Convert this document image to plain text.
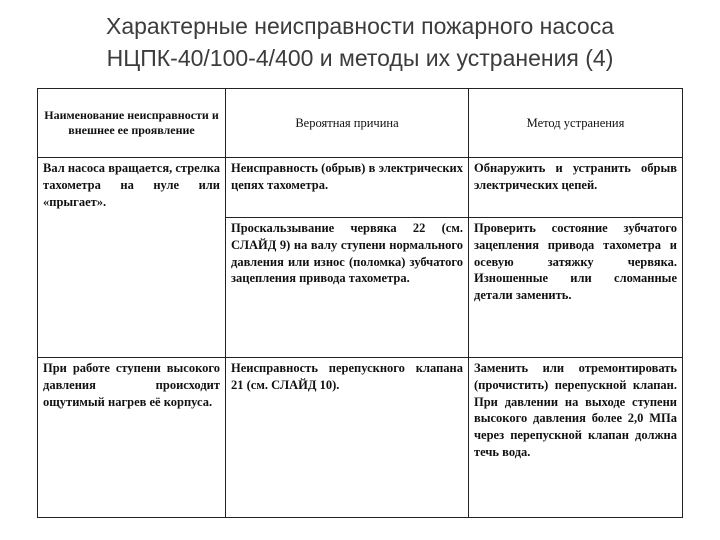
Характерные неисправности пожарного насоса
НЦПК-40/100-4/400 и методы их устранения (4)
Наименование неисправности и внешнее ее проявление	Вероятная причина	Метод устранения

Вал насоса вращается, стрелка тахометра на нуле или «прыгает».	Неисправность (обрыв) в электрических цепях тахометра.	Обнаружить и устранить обрыв электрических цепей.

	Проскальзывание червяка 22 (см. СЛАЙД 9) на валу ступени нормального давления или износ (поломка) зубчатого зацепления привода тахометра.	Проверить состояние зубчатого зацепления привода тахометра и осевую затяжку червяка. Изношенные или сломанные детали заменить.

При работе ступени высокого давления происходит ощутимый нагрев её корпуса.	Неисправность перепускного клапана 21 (см. СЛАЙД 10).	Заменить или отремонтировать (прочистить) перепускной клапан. При давлении на выходе ступени высокого давления более 2,0 МПа через перепускной клапан должна течь вода.
